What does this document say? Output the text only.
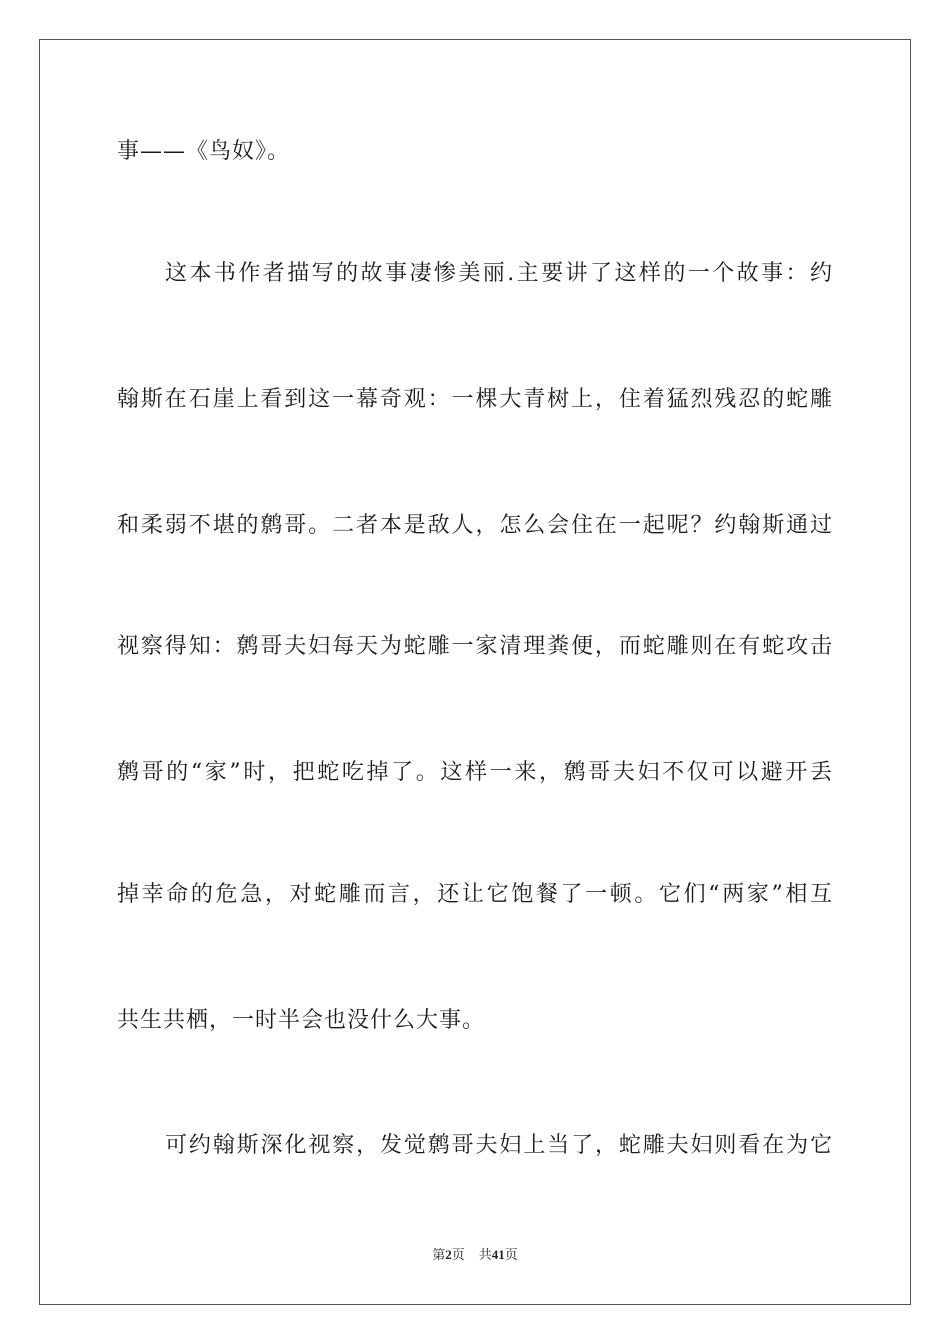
事——《鸟奴》。
这本书作者描写的故事凄惨美丽.主要讲了这样的一个故事：约
翰斯在石崖上看到这一幕奇观：一棵大青树上，住着猛烈残忍的蛇雕
和柔弱不堪的鹩哥。二者本是敌人，怎么会住在一起呢？约翰斯通过
视察得知：鹩哥夫妇每天为蛇雕一家清理粪便，而蛇雕则在有蛇攻击
鹩哥的“家”时，把蛇吃掉了。这样一来，鹩哥夫妇不仅可以避开丢
掉幸命的危急，对蛇雕而言，还让它饱餐了一顿。它们“两家”相互
共生共栖，一时半会也没什么大事。
可约翰斯深化视察，发觉鹩哥夫妇上当了，蛇雕夫妇则看在为它
第2页 共41页
